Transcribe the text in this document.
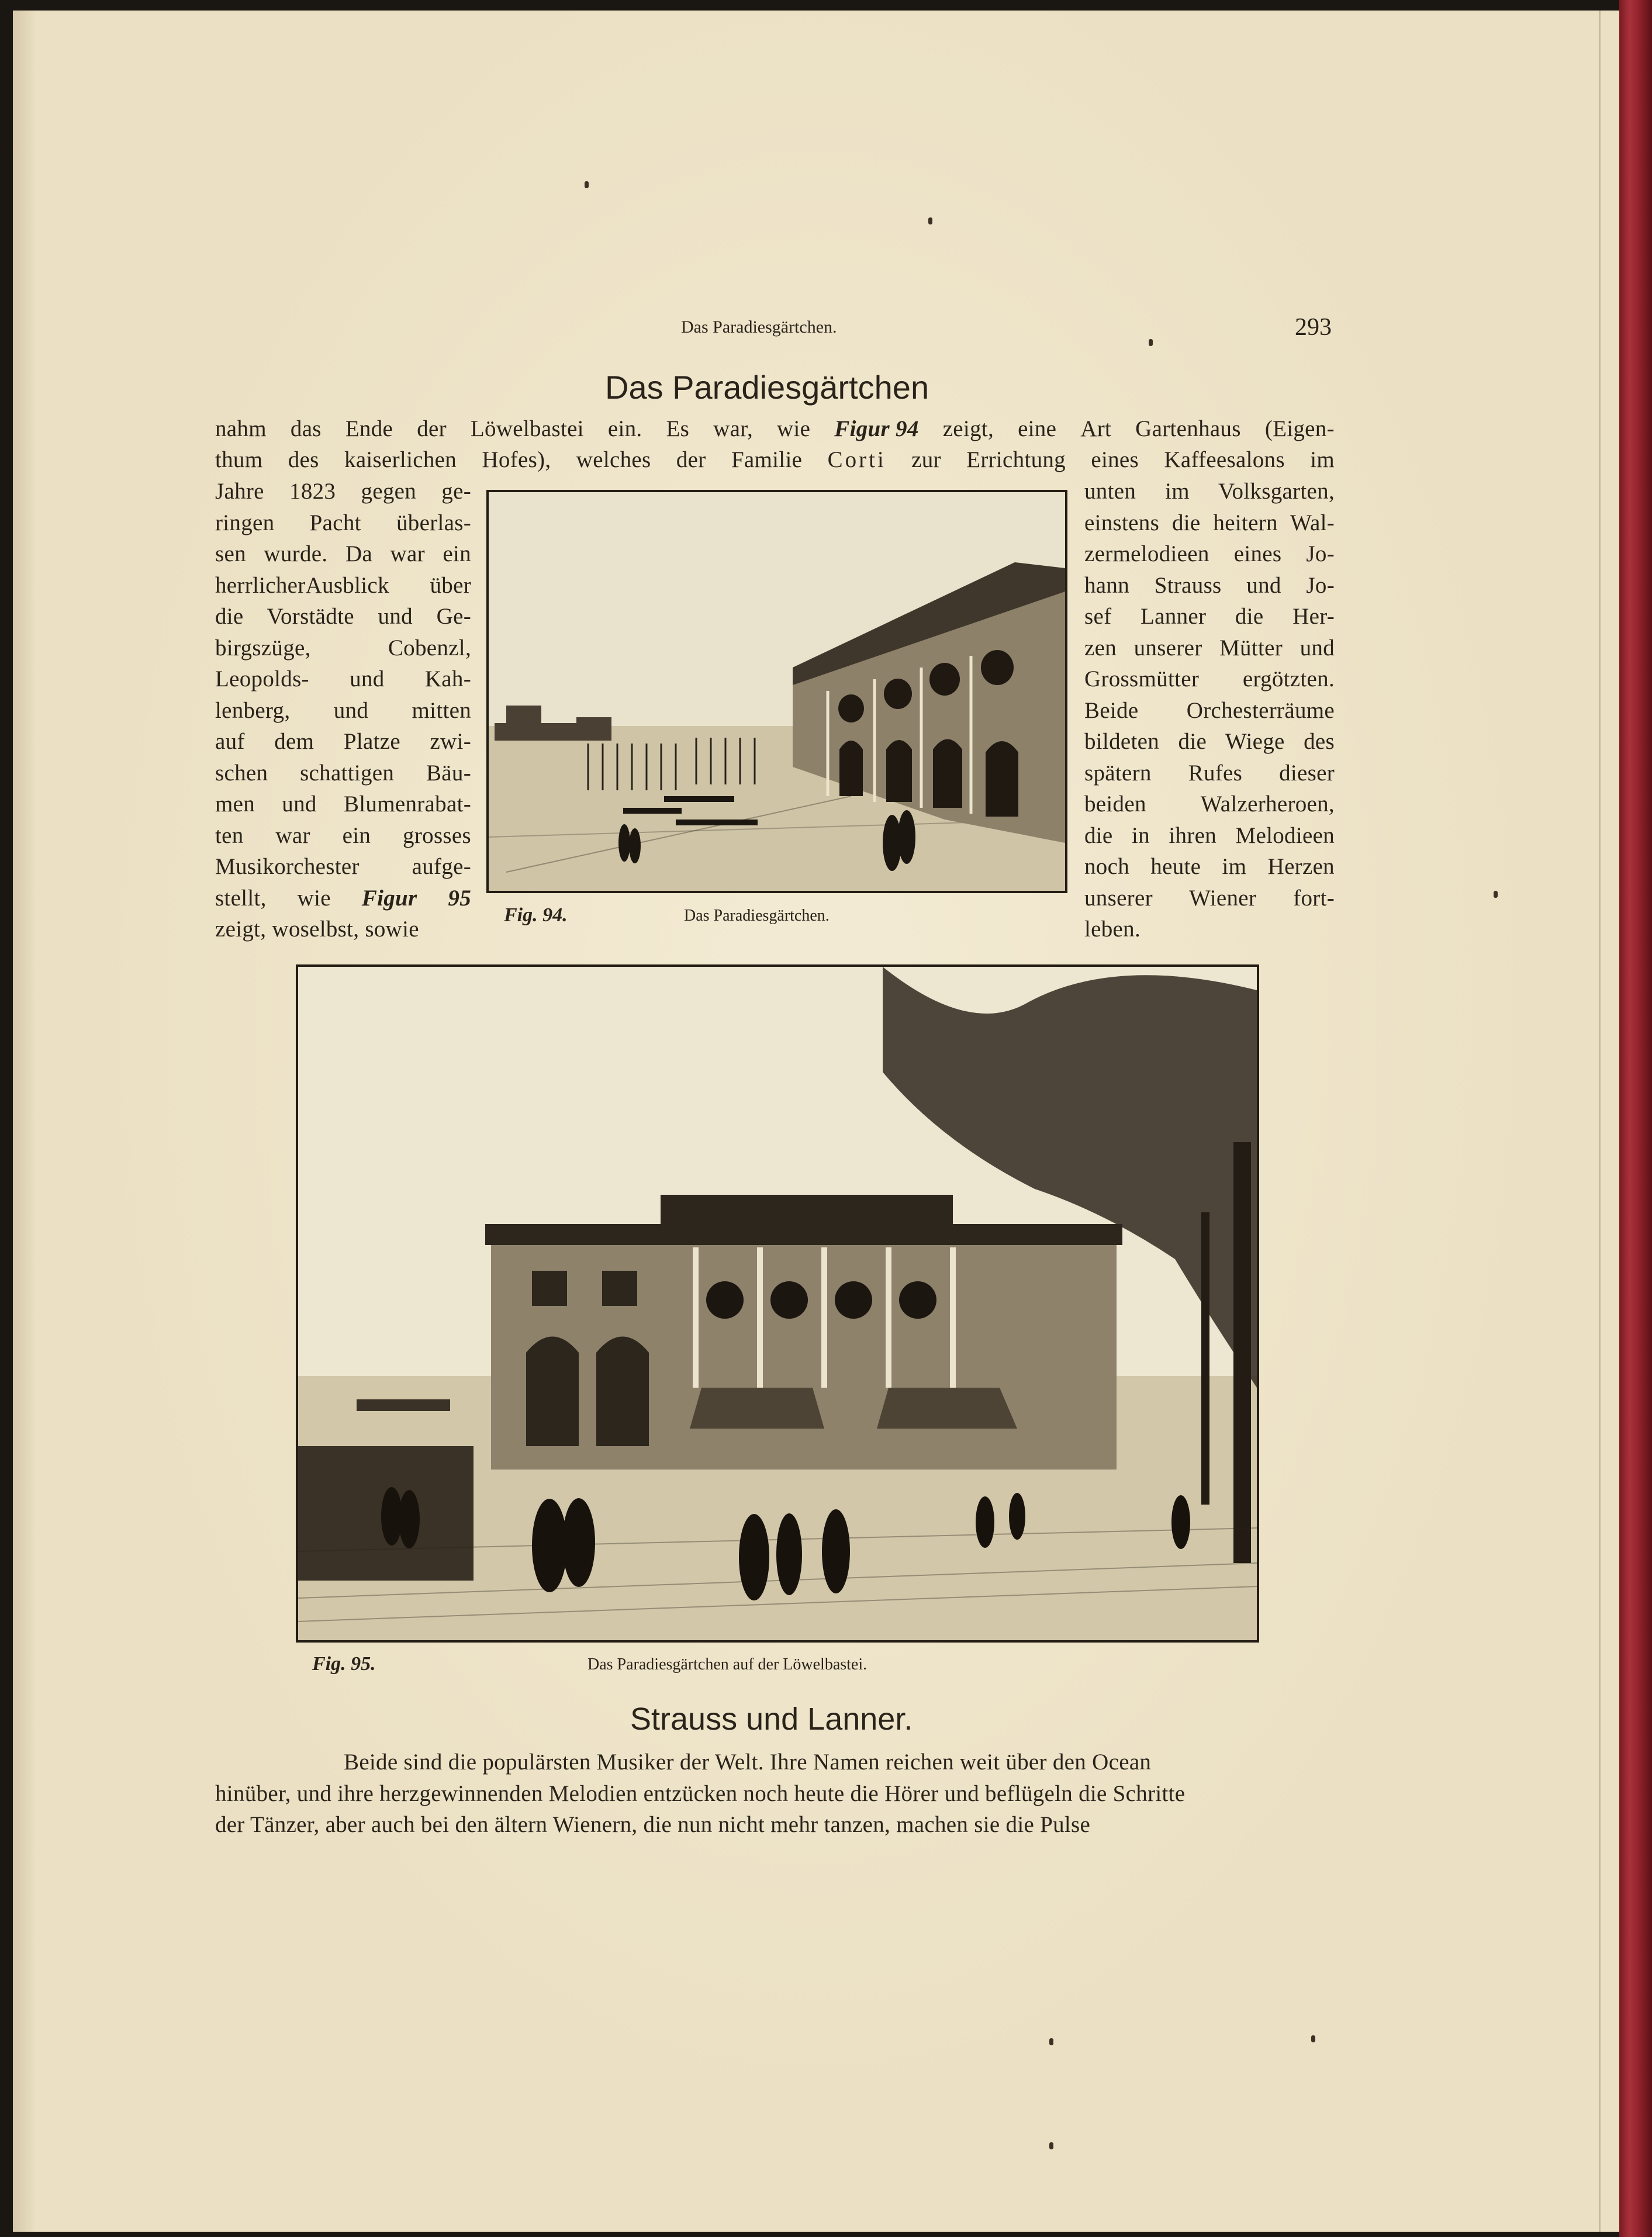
Das Paradiesgärtchen.	293
Das Paradiesgärtchen
nahm das Ende der Löwelbastei ein. Es war, wie Figur 94 zeigt, eine Art Gartenhaus (Eigen-
thum des kaiserlichen Hofes), welches der Familie Corti zur Errichtung eines Kaffeesalons im
Jahre 1823 gegen ge-
ringen Pacht überlas-
sen wurde. Da war ein
herrlicherAusblick über
die Vorstädte und Ge-
birgszüge, Cobenzl,
Leopolds- und Kah-
lenberg, und mitten
auf dem Platze zwi-
schen schattigen Bäu-
men und Blumenrabat-
ten war ein grosses
Musikorchester aufge-
stellt, wie Figur 95
zeigt, woselbst, sowie
unten im Volksgarten,
einstens die heitern Wal-
zermelodieen eines Jo-
hann Strauss und Jo-
sef Lanner die Her-
zen unserer Mütter und
Grossmütter ergötzten.
Beide Orchesterräume
bildeten die Wiege des
spätern Rufes dieser
beiden Walzerheroen,
die in ihren Melodieen
noch heute im Herzen
unserer Wiener fort-
leben.
Fig. 94.	Das Paradiesgärtchen.
Fig. 95.	Das Paradiesgärtchen auf der Löwelbastei.
Strauss und Lanner.
Beide sind die populärsten Musiker der Welt. Ihre Namen reichen weit über den Ocean
hinüber, und ihre herzgewinnenden Melodien entzücken noch heute die Hörer und beflügeln die Schritte
der Tänzer, aber auch bei den ältern Wienern, die nun nicht mehr tanzen, machen sie die Pulse
